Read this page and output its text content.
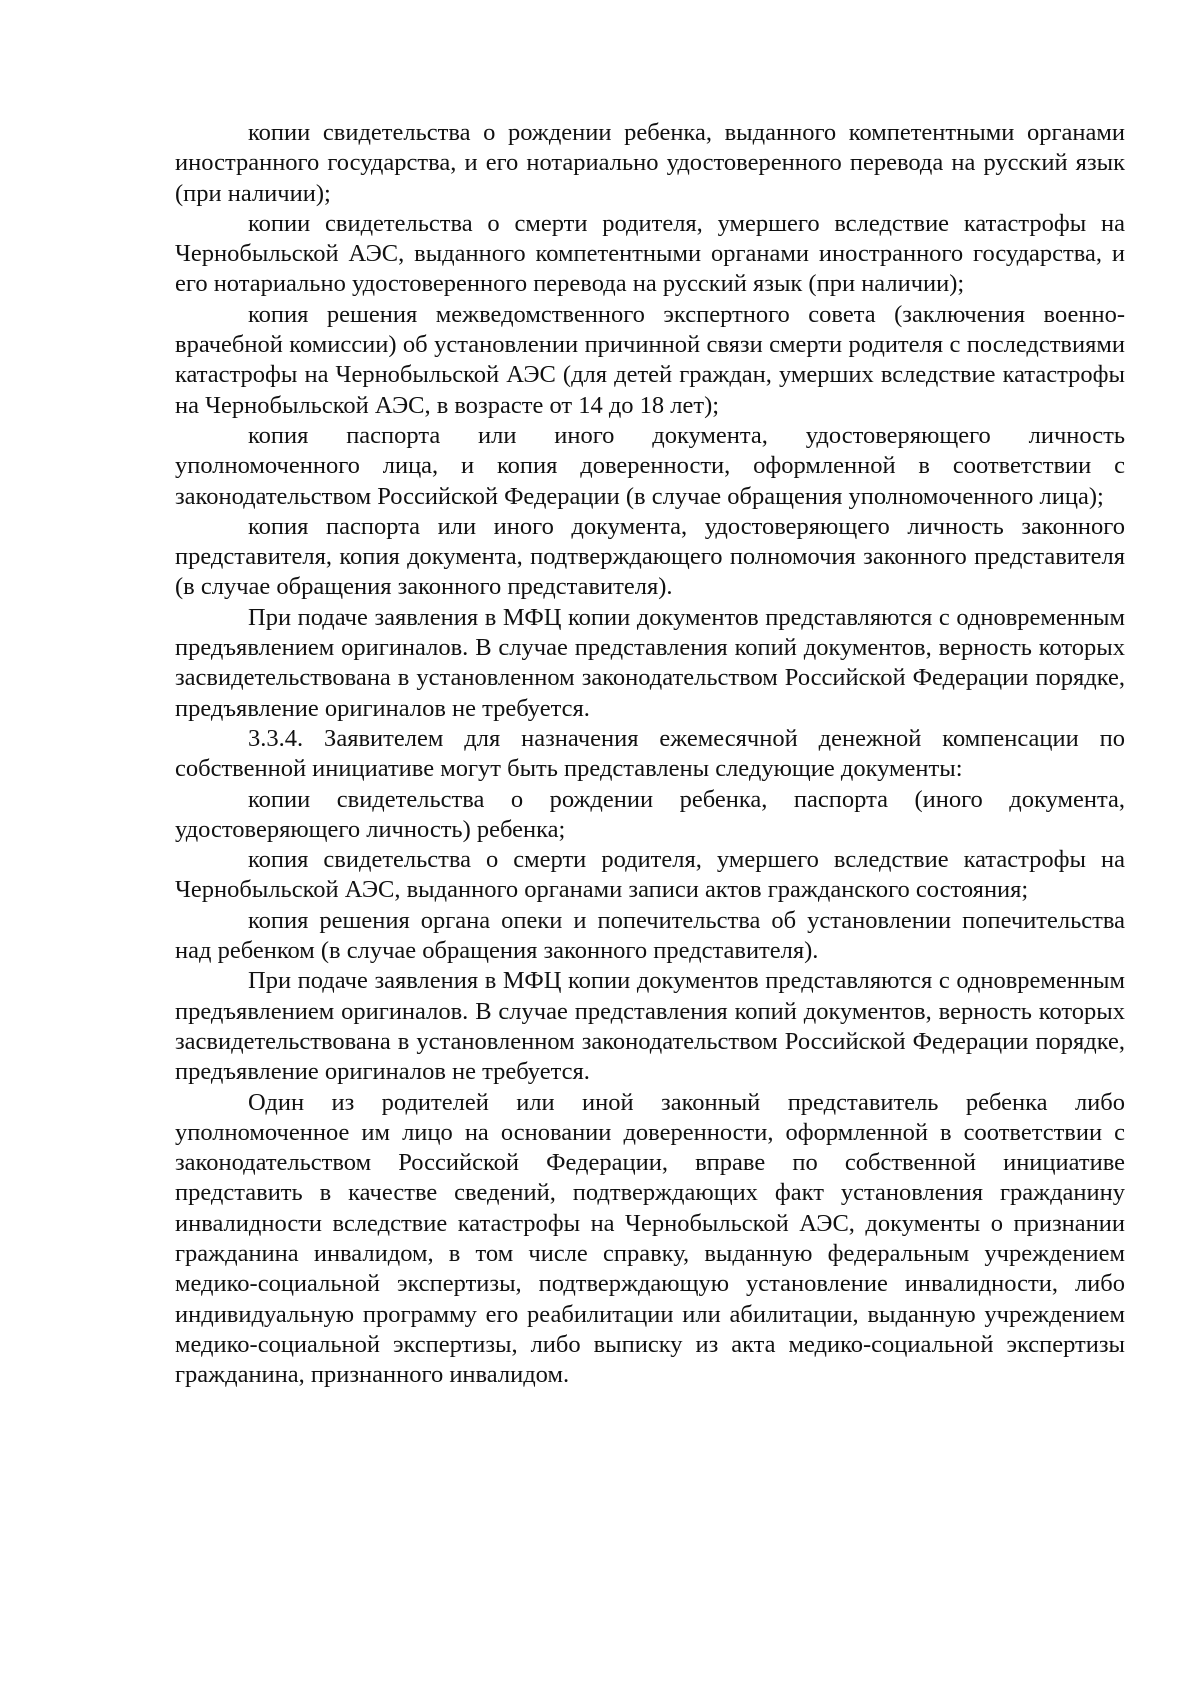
копии свидетельства о рождении ребенка, выданного компетентными органами иностранного государства, и его нотариально удостоверенного перевода на русский язык (при наличии);

копии свидетельства о смерти родителя, умершего вследствие катастрофы на Чернобыльской АЭС, выданного компетентными органами иностранного государства, и его нотариально удостоверенного перевода на русский язык (при наличии);

копия решения межведомственного экспертного совета (заключения военно-врачебной комиссии) об установлении причинной связи смерти родителя с последствиями катастрофы на Чернобыльской АЭС (для детей граждан, умерших вследствие катастрофы на Чернобыльской АЭС, в возрасте от 14 до 18 лет);

копия паспорта или иного документа, удостоверяющего личность уполномоченного лица, и копия доверенности, оформленной в соответствии с законодательством Российской Федерации (в случае обращения уполномоченного лица);

копия паспорта или иного документа, удостоверяющего личность законного представителя, копия документа, подтверждающего полномочия законного представителя (в случае обращения законного представителя).

При подаче заявления в МФЦ копии документов представляются с одновременным предъявлением оригиналов. В случае представления копий документов, верность которых засвидетельствована в установленном законодательством Российской Федерации порядке, предъявление оригиналов не требуется.

3.3.4. Заявителем для назначения ежемесячной денежной компенсации по собственной инициативе могут быть представлены следующие документы:

копии свидетельства о рождении ребенка, паспорта (иного документа, удостоверяющего личность) ребенка;

копия свидетельства о смерти родителя, умершего вследствие катастрофы на Чернобыльской АЭС, выданного органами записи актов гражданского состояния;

копия решения органа опеки и попечительства об установлении попечительства над ребенком (в случае обращения законного представителя).

При подаче заявления в МФЦ копии документов представляются с одновременным предъявлением оригиналов. В случае представления копий документов, верность которых засвидетельствована в установленном законодательством Российской Федерации порядке, предъявление оригиналов не требуется.

Один из родителей или иной законный представитель ребенка либо уполномоченное им лицо на основании доверенности, оформленной в соответствии с законодательством Российской Федерации, вправе по собственной инициативе представить в качестве сведений, подтверждающих факт установления гражданину инвалидности вследствие катастрофы на Чернобыльской АЭС, документы о признании гражданина инвалидом, в том числе справку, выданную федеральным учреждением медико-социальной экспертизы, подтверждающую установление инвалидности, либо индивидуальную программу его реабилитации или абилитации, выданную учреждением медико-социальной экспертизы, либо выписку из акта медико-социальной экспертизы гражданина, признанного инвалидом.
